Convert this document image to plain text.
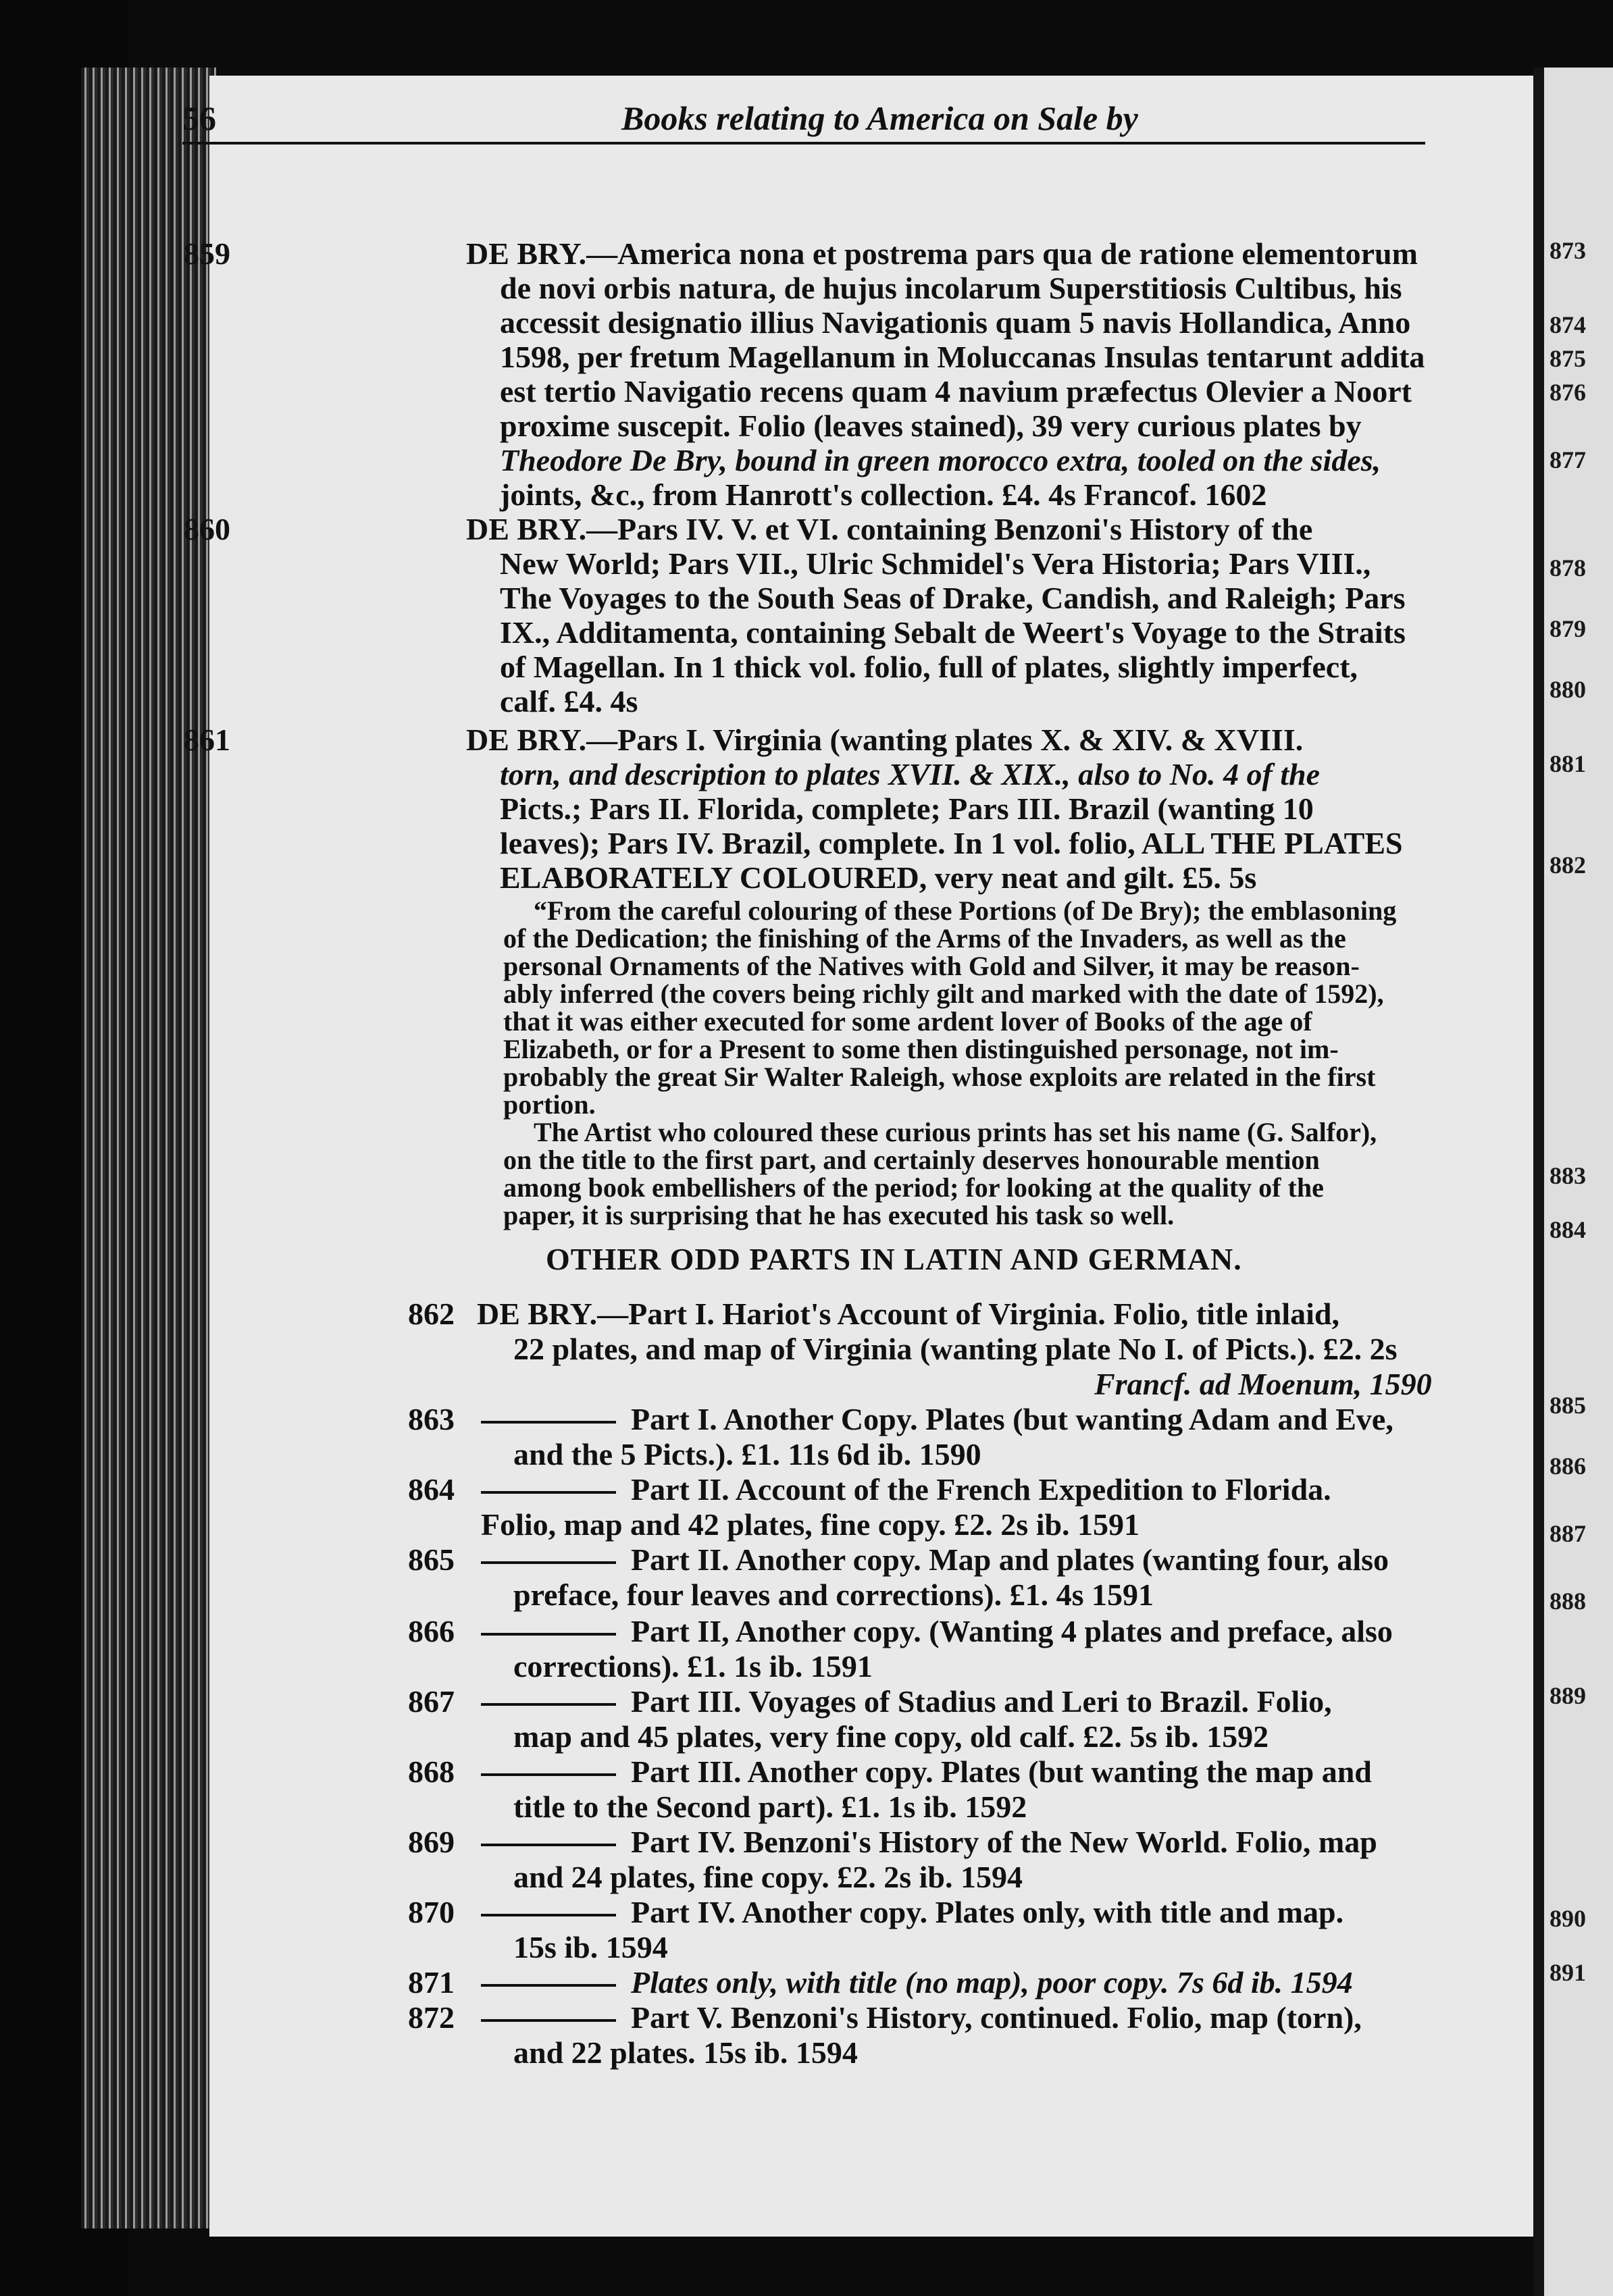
873
874
875
876
877
878
879
880
881
882
883
884
885
886
887
888
889
890
891
56	Books relating to America on Sale by
859	DE BRY.—America nona et postrema pars qua de ratione elementorum
de novi orbis natura, de hujus incolarum Superstitiosis Cultibus, his
accessit designatio illius Navigationis quam 5 navis Hollandica, Anno
1598, per fretum Magellanum in Moluccanas Insulas tentarunt addita
est tertio Navigatio recens quam 4 navium præfectus Olevier a Noort
proxime suscepit. Folio (leaves stained), 39 very curious plates by
Theodore De Bry, bound in green morocco extra, tooled on the sides,
joints, &c., from Hanrott's collection. £4. 4s Francof. 1602
860	DE BRY.—Pars IV. V. et VI. containing Benzoni's History of the
New World; Pars VII., Ulric Schmidel's Vera Historia; Pars VIII.,
The Voyages to the South Seas of Drake, Candish, and Raleigh; Pars
IX., Additamenta, containing Sebalt de Weert's Voyage to the Straits
of Magellan. In 1 thick vol. folio, full of plates, slightly imperfect,
calf. £4. 4s
861	DE BRY.—Pars I. Virginia (wanting plates X. & XIV. & XVIII.
torn, and description to plates XVII. & XIX., also to No. 4 of the
Picts.; Pars II. Florida, complete; Pars III. Brazil (wanting 10
leaves); Pars IV. Brazil, complete. In 1 vol. folio, ALL THE PLATES
ELABORATELY COLOURED, very neat and gilt. £5. 5s
“From the careful colouring of these Portions (of De Bry); the emblasoning
of the Dedication; the finishing of the Arms of the Invaders, as well as the
personal Ornaments of the Natives with Gold and Silver, it may be reason-
ably inferred (the covers being richly gilt and marked with the date of 1592),
that it was either executed for some ardent lover of Books of the age of
Elizabeth, or for a Present to some then distinguished personage, not im-
probably the great Sir Walter Raleigh, whose exploits are related in the first
portion.
The Artist who coloured these curious prints has set his name (G. Salfor),
on the title to the first part, and certainly deserves honourable mention
among book embellishers of the period; for looking at the quality of the
paper, it is surprising that he has executed his task so well.
OTHER ODD PARTS IN LATIN AND GERMAN.
862 DE BRY.—Part I. Hariot's Account of Virginia. Folio, title inlaid,
22 plates, and map of Virginia (wanting plate No I. of Picts.). £2. 2s
Francf. ad Moenum, 1590
863	Part I. Another Copy. Plates (but wanting Adam and Eve,
and the 5 Picts.). £1. 11s 6d ib. 1590
864	Part II. Account of the French Expedition to Florida.
Folio, map and 42 plates, fine copy. £2. 2s ib. 1591
865	Part II. Another copy. Map and plates (wanting four, also
preface, four leaves and corrections). £1. 4s 1591
866	Part II, Another copy. (Wanting 4 plates and preface, also
corrections). £1. 1s ib. 1591
867	Part III. Voyages of Stadius and Leri to Brazil. Folio,
map and 45 plates, very fine copy, old calf. £2. 5s ib. 1592
868	Part III. Another copy. Plates (but wanting the map and
title to the Second part). £1. 1s ib. 1592
869	Part IV. Benzoni's History of the New World. Folio, map
and 24 plates, fine copy. £2. 2s ib. 1594
870	Part IV. Another copy. Plates only, with title and map.
15s ib. 1594
871	Plates only, with title (no map), poor copy. 7s 6d ib. 1594
872	Part V. Benzoni's History, continued. Folio, map (torn),
and 22 plates. 15s ib. 1594
